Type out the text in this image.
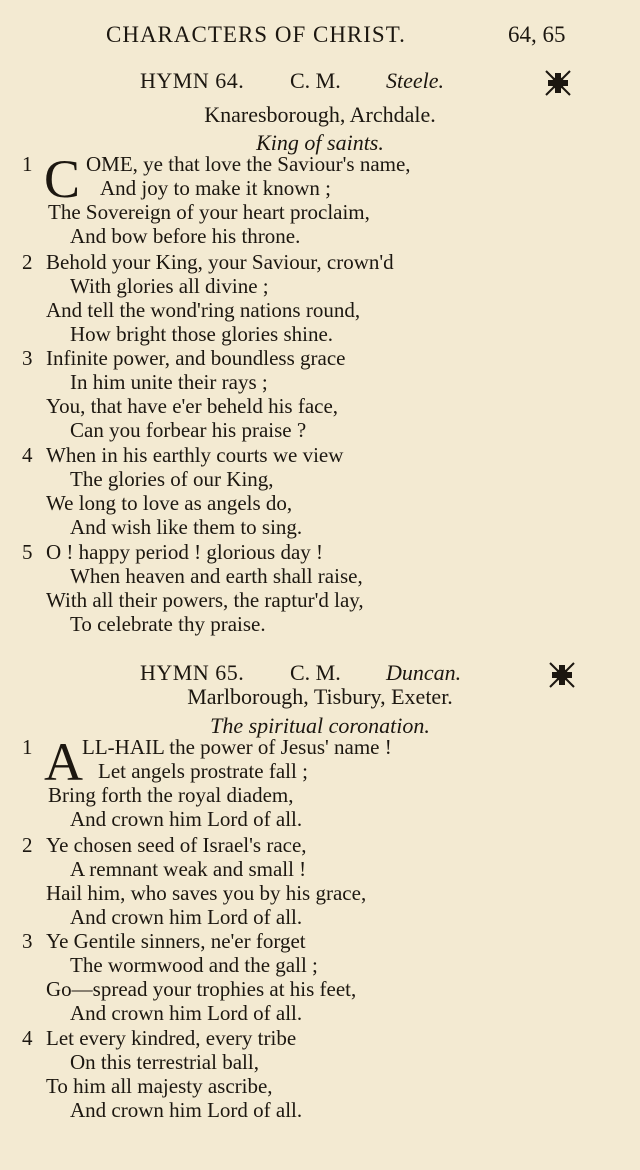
CHARACTERS OF CHRIST.	64, 65
HYMN 64. C. M. Steele.
Knaresborough, Archdale.
King of saints.
1 C OME, ye that love the Saviour's name,
And joy to make it known ;
The Sovereign of your heart proclaim,
And bow before his throne.
2 Behold your King, your Saviour, crown'd
With glories all divine ;
And tell the wond'ring nations round,
How bright those glories shine.
3 Infinite power, and boundless grace
In him unite their rays ;
You, that have e'er beheld his face,
Can you forbear his praise ?
4 When in his earthly courts we view
The glories of our King,
We long to love as angels do,
And wish like them to sing.
5 O ! happy period ! glorious day !
When heaven and earth shall raise,
With all their powers, the raptur'd lay,
To celebrate thy praise.
HYMN 65. C. M. Duncan.
Marlborough, Tisbury, Exeter.
The spiritual coronation.
1 A LL-HAIL the power of Jesus' name !
Let angels prostrate fall ;
Bring forth the royal diadem,
And crown him Lord of all.
2 Ye chosen seed of Israel's race,
A remnant weak and small !
Hail him, who saves you by his grace,
And crown him Lord of all.
3 Ye Gentile sinners, ne'er forget
The wormwood and the gall ;
Go—spread your trophies at his feet,
And crown him Lord of all.
4 Let every kindred, every tribe
On this terrestrial ball,
To him all majesty ascribe,
And crown him Lord of all.
